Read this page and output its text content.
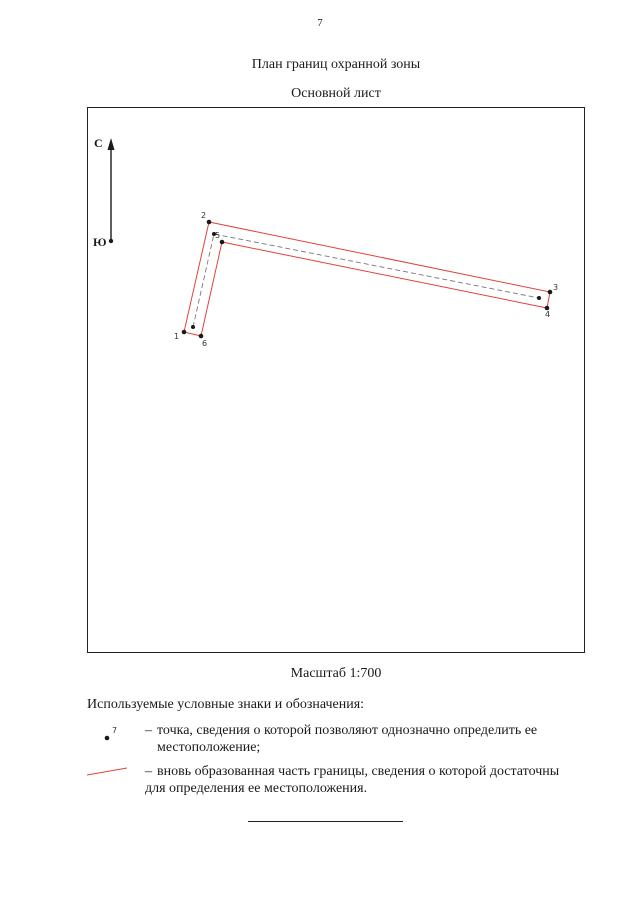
7
План границ охранной зоны
Основной лист
С
Ю
1
2
3
4
6
5
Масштаб 1:700
Используемые условные знаки и обозначения:
7 – точка, сведения о которой позволяют однозначно определить ее
местоположение;
– вновь образованная часть границы, сведения о которой достаточны
для определения ее местоположения.
